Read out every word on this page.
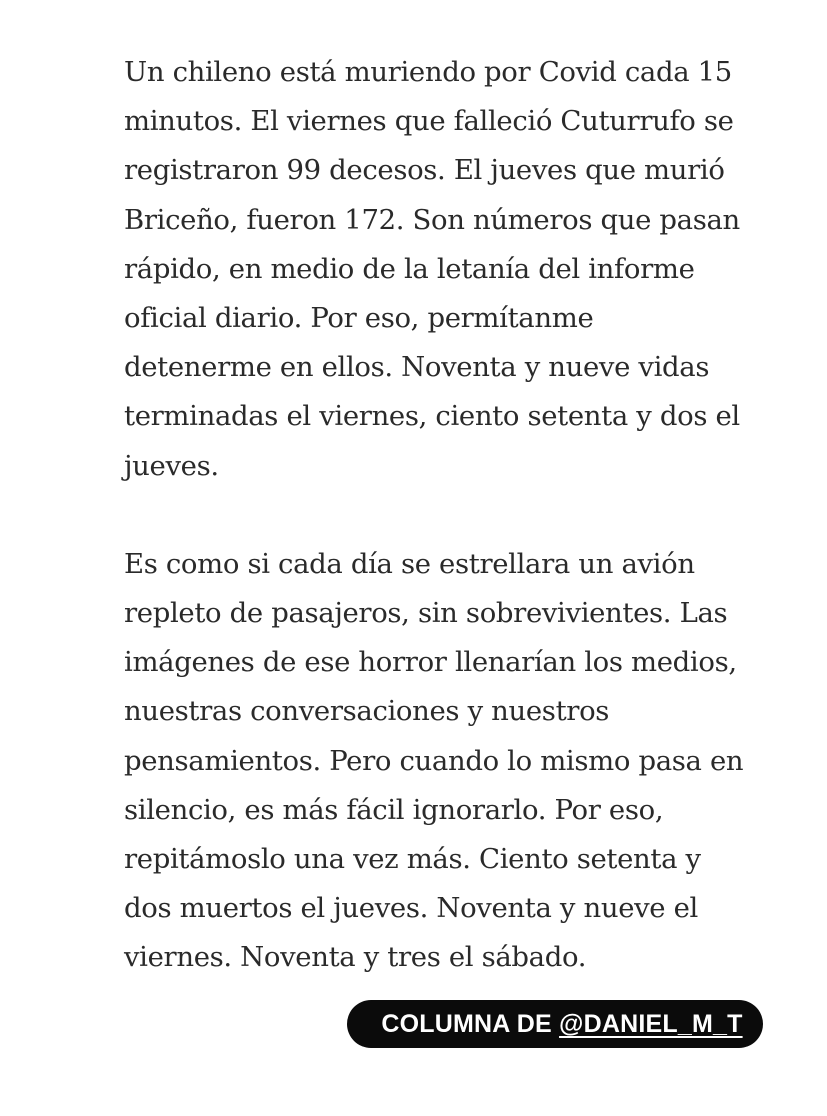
Un chileno está muriendo por Covid cada 15
minutos. El viernes que falleció Cuturrufo se
registraron 99 decesos. El jueves que murió
Briceño, fueron 172. Son números que pasan
rápido, en medio de la letanía del informe
oficial diario. Por eso, permítanme
detenerme en ellos. Noventa y nueve vidas
terminadas el viernes, ciento setenta y dos el
jueves.
Es como si cada día se estrellara un avión
repleto de pasajeros, sin sobrevivientes. Las
imágenes de ese horror llenarían los medios,
nuestras conversaciones y nuestros
pensamientos. Pero cuando lo mismo pasa en
silencio, es más fácil ignorarlo. Por eso,
repitámoslo una vez más. Ciento setenta y
dos muertos el jueves. Noventa y nueve el
viernes. Noventa y tres el sábado.
COLUMNA DE @DANIEL_M_T
